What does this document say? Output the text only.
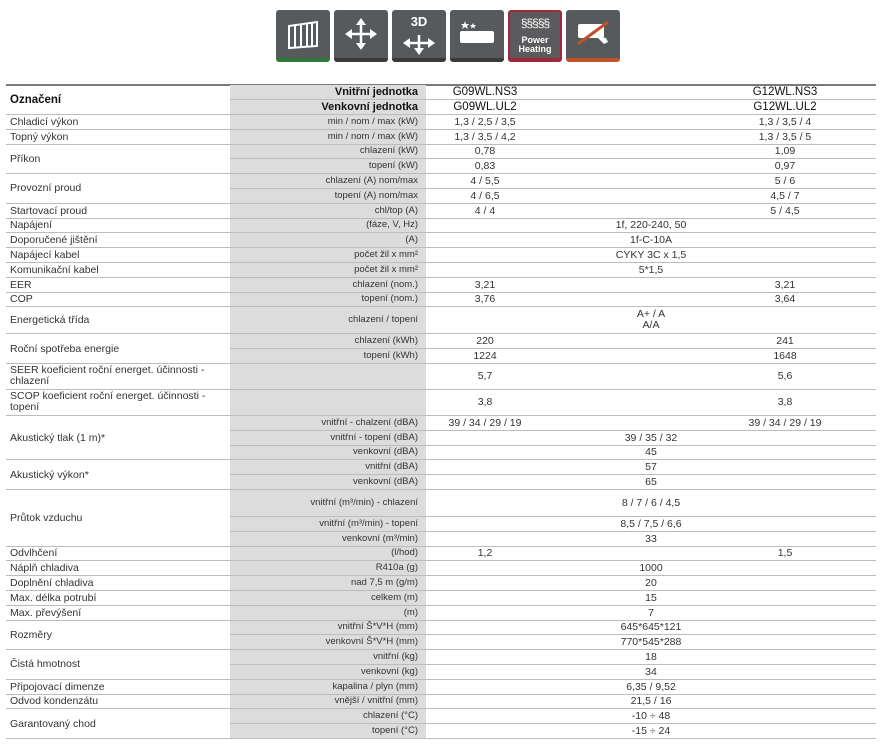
3D	§§§§§
Power Heating
Označení	Vnitřní jednotka	G09WL.NS3		G12WL.NS3
	Venkovní jednotka	G09WL.UL2		G12WL.UL2
Chladicí výkon	min / nom / max (kW)	1,3 / 2,5 / 3,5		1,3 / 3,5 / 4
Topný výkon	min / nom / max (kW)	1,3 / 3,5 / 4,2		1,3 / 3,5 / 5
Příkon	chlazení (kW)	0,78		1,09
	topení (kW)	0,83		0,97
Provozní proud	chlazení (A) nom/max	4 / 5,5		5 / 6
	topení (A) nom/max	4 / 6,5		4,5 / 7
Startovací proud	chl/top (A)	4 / 4		5 / 4,5
Napájení	(fáze, V, Hz)	1f, 220-240, 50		
Doporučené jištění	(A)	1f-C-10A		
Napájecí kabel	počet žil x mm²	CYKY 3C x 1,5		
Komunikační kabel	počet žil x mm²	5*1,5		
EER	chlazení (nom.)	3,21		3,21
COP	topení (nom.)	3,76		3,64
Energetická třída	chlazení / topení	A+ / A
A/A		

Roční spotřeba energie	chlazení (kWh)	220		241
	topení (kWh)	1224		1648
SEER koeficient roční energet. účinnosti - chlazení		5,7		5,6
SCOP koeficient roční energet. účinnosti - topení		3,8		3,8
Akustický tlak (1 m)*	vnitřní - chalzení (dBA)	39 / 34 / 29 / 19		39 / 34 / 29 / 19
	vnitřní - topení (dBA)	39 / 35 / 32		
	venkovní (dBA)	45		
Akustický výkon*	vnitřní (dBA)	57		
	venkovní (dBA)	65		
Průtok vzduchu	vnitřní (m³/min) - chlazení	8 / 7 / 6 / 4,5		
	vnitřní (m³/min) - topení	8,5 / 7,5 / 6,6		
	venkovní (m³/min)	33		
Odvlhčení	(l/hod)	1,2		1,5
Náplň chladiva	R410a (g)	1000		
Doplnění chladiva	nad 7,5 m (g/m)	20		
Max. délka potrubí	celkem (m)	15		
Max. převýšení	(m)	7		
Rozměry	vnitřní Š*V*H (mm)	645*645*121		
	venkovní Š*V*H (mm)	770*545*288		
Čistá hmotnost	vnitřní (kg)	18		
	venkovní (kg)	34		
Připojovací dimenze	kapalina / plyn (mm)	6,35 / 9,52		
Odvod kondenzátu	vnější / vnitřní (mm)	21,5 / 16		
Garantovaný chod	chlazení (°C)	-10 ÷ 48		
	topení (°C)	-15 ÷ 24		
